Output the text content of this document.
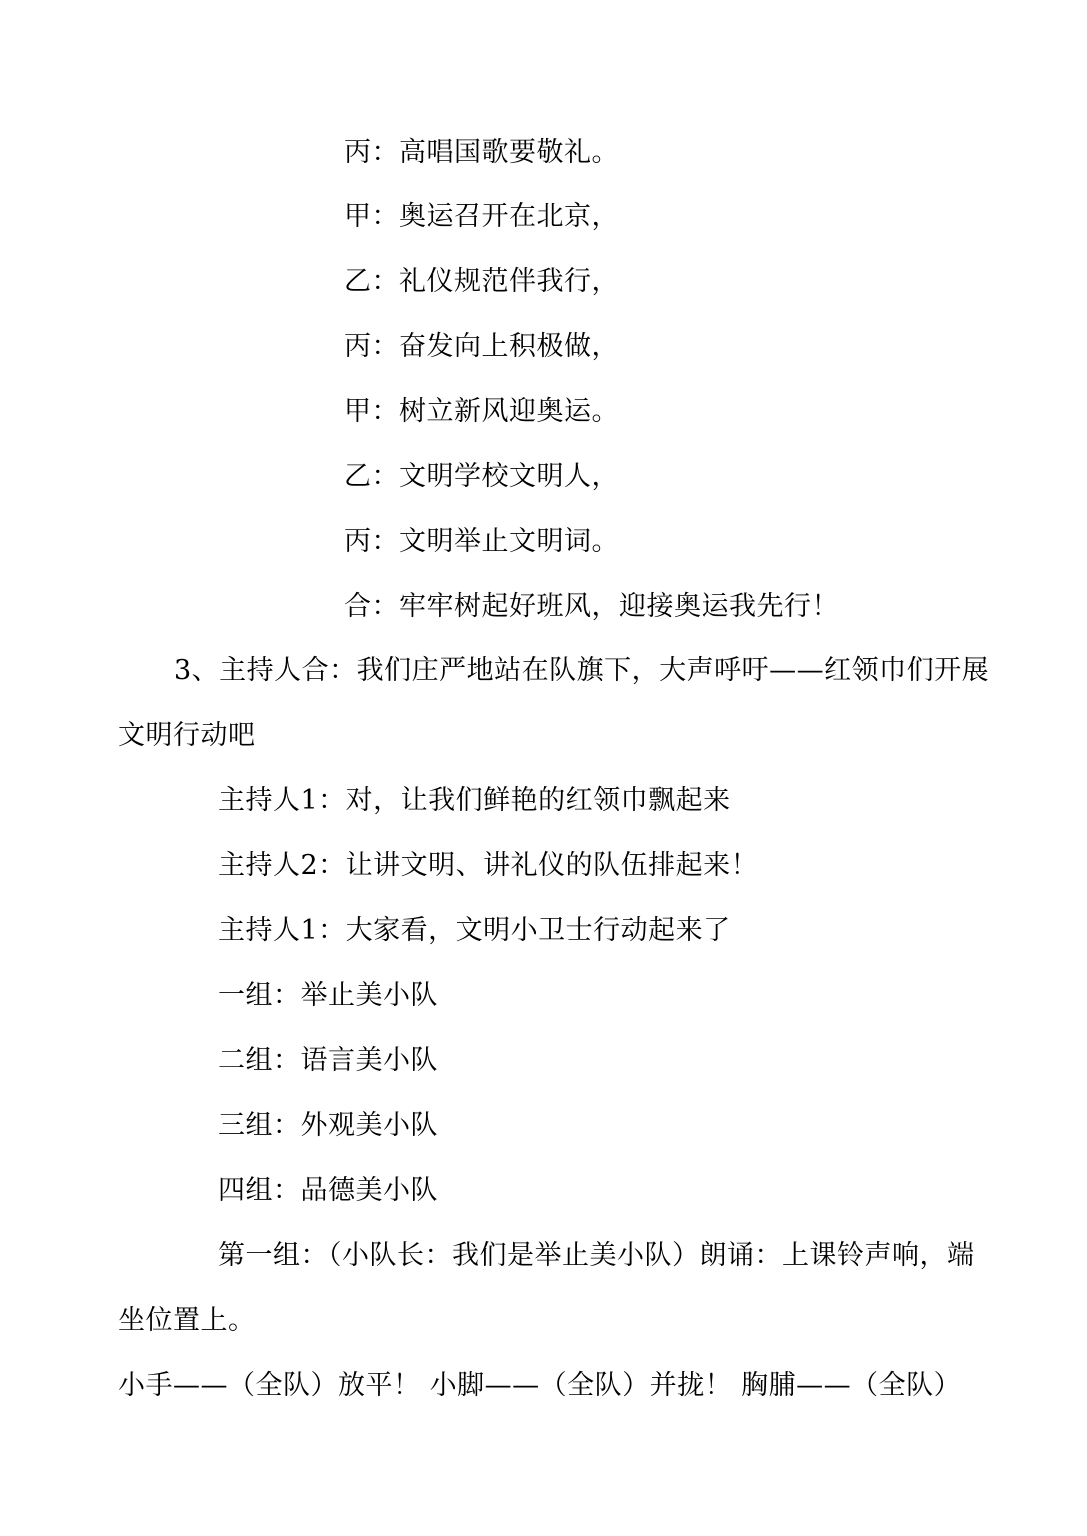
丙：高唱国歌要敬礼。
甲：奥运召开在北京，
乙：礼仪规范伴我行，
丙：奋发向上积极做，
甲：树立新风迎奥运。
乙：文明学校文明人，
丙：文明举止文明词。
合：牢牢树起好班风，迎接奥运我先行！
3、主持人合：我们庄严地站在队旗下，大声呼吁——红领巾们开展
文明行动吧
主持人1：对，让我们鲜艳的红领巾飘起来
主持人2：让讲文明、讲礼仪的队伍排起来！
主持人1：大家看，文明小卫士行动起来了
一组：举止美小队
二组：语言美小队
三组：外观美小队
四组：品德美小队
第一组：（小队长：我们是举止美小队）朗诵：上课铃声响，端
坐位置上。
小手——（全队）放平！ 小脚——（全队）并拢！ 胸脯——（全队）
